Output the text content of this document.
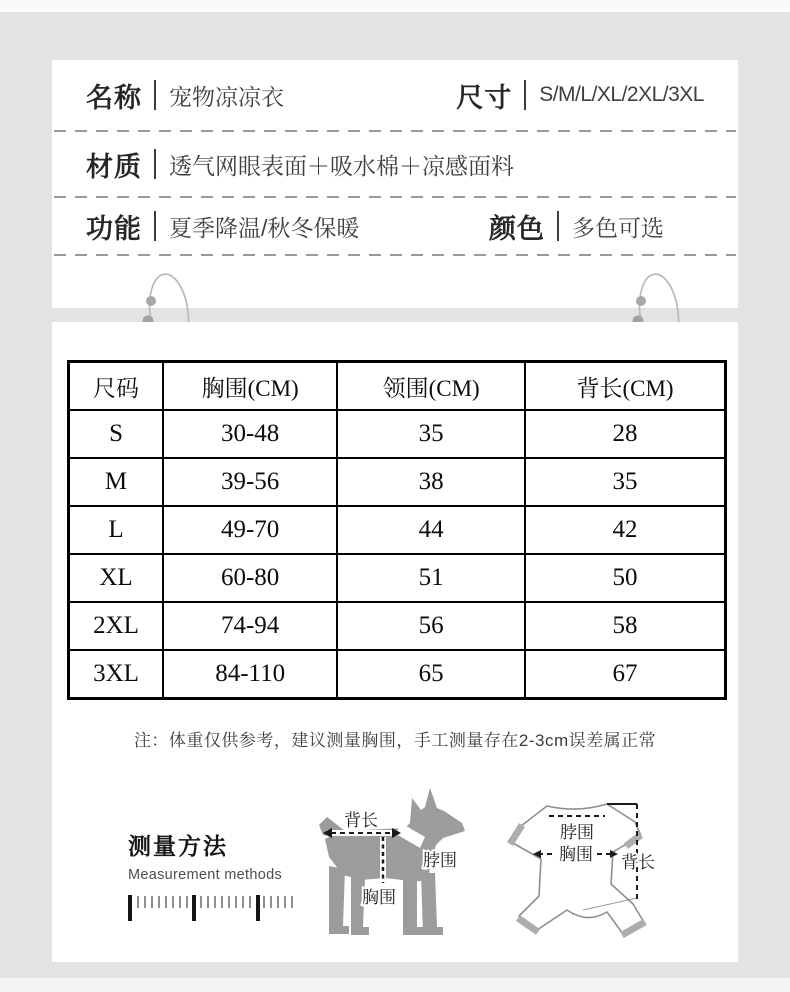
名称 宠物凉凉衣	尺寸 S/M/L/XL/2XL/3XL
材质 透气网眼表面＋吸水棉＋凉感面料
功能 夏季降温/秋冬保暖	颜色 多色可选
尺码	胸围(CM)	领围(CM)	背长(CM)
S	30-48	35	28
M	39-56	38	35
L	49-70	44	42
XL	60-80	51	50
2XL	74-94	56	58
3XL	84-110	65	67
注：体重仅供参考，建议测量胸围，手工测量存在2-3cm误差属正常
测量方法
Measurement methods
背长
脖围
胸围
脖围
胸围 背长
